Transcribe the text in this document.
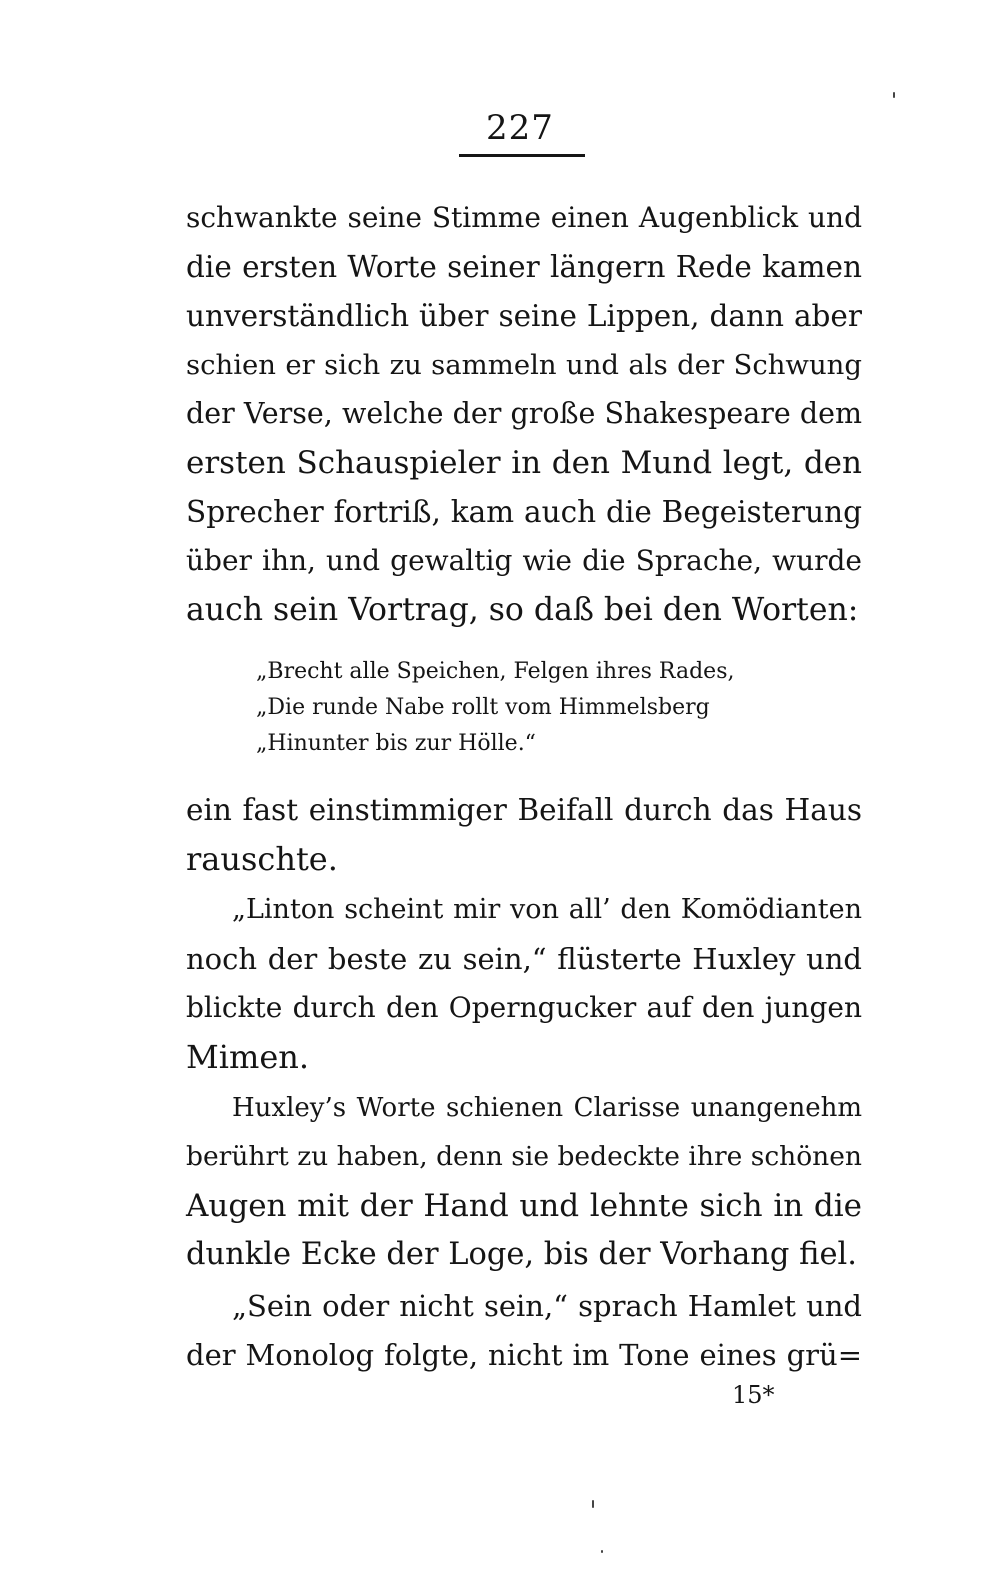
227
schwankte seine Stimme einen Augenblick und
die ersten Worte seiner längern Rede kamen
unverständlich über seine Lippen, dann aber
schien er sich zu sammeln und als der Schwung
der Verse, welche der große Shakespeare dem
ersten Schauspieler in den Mund legt, den
Sprecher fortriß, kam auch die Begeisterung
über ihn, und gewaltig wie die Sprache, wurde
auch sein Vortrag, so daß bei den Worten:
„Brecht alle Speichen, Felgen ihres Rades,
„Die runde Nabe rollt vom Himmelsberg
„Hinunter bis zur Hölle.“
ein fast einstimmiger Beifall durch das Haus
rauschte.
„Linton scheint mir von all’ den Komödianten
noch der beste zu sein,“ flüsterte Huxley und
blickte durch den Operngucker auf den jungen
Mimen.
Huxley’s Worte schienen Clarisse unangenehm
berührt zu haben, denn sie bedeckte ihre schönen
Augen mit der Hand und lehnte sich in die
dunkle Ecke der Loge, bis der Vorhang fiel.
„Sein oder nicht sein,“ sprach Hamlet und
der Monolog folgte, nicht im Tone eines grü=
15*
